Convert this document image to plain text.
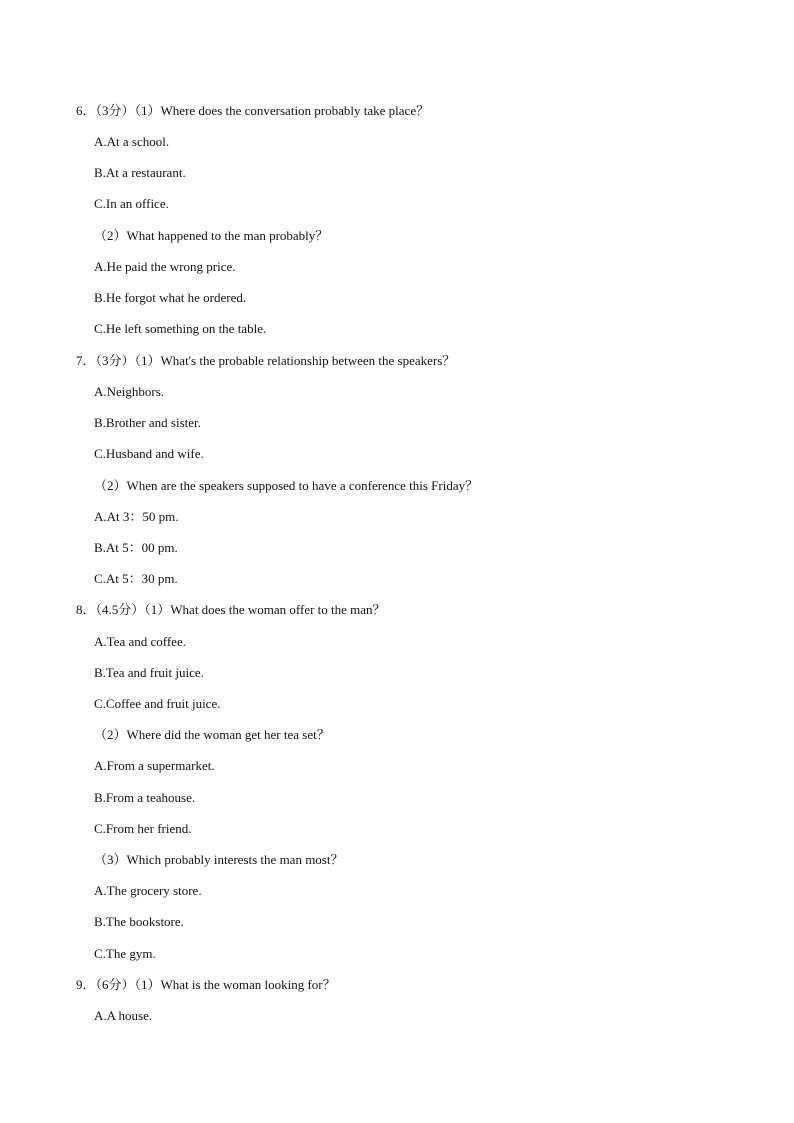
6．（3分）（1）Where does the conversation probably take place？
A.At a school.
B.At a restaurant.
C.In an office.
（2）What happened to the man probably？
A.He paid the wrong price.
B.He forgot what he ordered.
C.He left something on the table.
7．（3分）（1）What's the probable relationship between the speakers？
A.Neighbors.
B.Brother and sister.
C.Husband and wife.
（2）When are the speakers supposed to have a conference this Friday？
A.At 3：50 pm.
B.At 5：00 pm.
C.At 5：30 pm.
8．（4.5分）（1）What does the woman offer to the man？
A.Tea and coffee.
B.Tea and fruit juice.
C.Coffee and fruit juice.
（2）Where did the woman get her tea set？
A.From a supermarket.
B.From a teahouse.
C.From her friend.
（3）Which probably interests the man most？
A.The grocery store.
B.The bookstore.
C.The gym.
9．（6分）（1）What is the woman looking for？
A.A house.
